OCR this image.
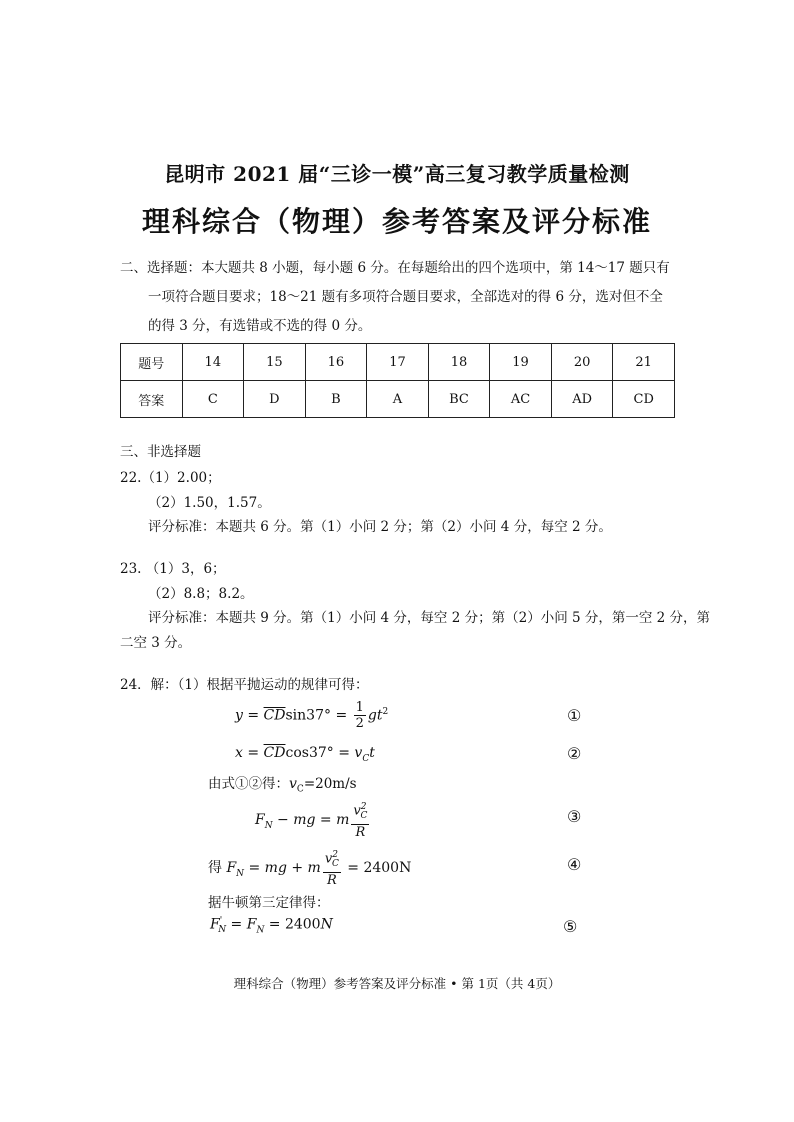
昆明市 2021 届“三诊一模”高三复习教学质量检测
理科综合（物理）参考答案及评分标准
二、选择题：本大题共 8 小题，每小题 6 分。在每题给出的四个选项中，第 14～17 题只有
一项符合题目要求；18～21 题有多项符合题目要求，全部选对的得 6 分，选对但不全
的得 3 分，有选错或不选的得 0 分。
题号	14	15	16	17	18	19	20	21
答案	C	D	B	A	BC	AC	AD	CD
三、非选择题
22.（1）2.00；
（2）1.50，1.57。
评分标准：本题共 6 分。第（1）小问 2 分；第（2）小问 4 分，每空 2 分。
23. （1）3，6；
（2）8.8；8.2。
评分标准：本题共 9 分。第（1）小问 4 分，每空 2 分；第（2）小问 5 分，第一空 2 分，第
二空 3 分。
24．解：（1）根据平抛运动的规律可得：
$y = \overline{CD}\sin 37^\circ = \frac{1}{2} gt^2$	①
$x = \overline{CD}\cos 37^\circ = v_Ct$	②
由式①②得：$v_C=20m/s$
$F_N$ − mg = m $\frac{v^2_C}{R}$	③
得 $F_N$ = mg + m $\frac{v^2_C}{R} = 2400N$	④
据牛顿第三定律得：
$F'_N = F_N = 2400N$	⑤
理科综合（物理）参考答案及评分标准 • 第 1页（共 4页）
